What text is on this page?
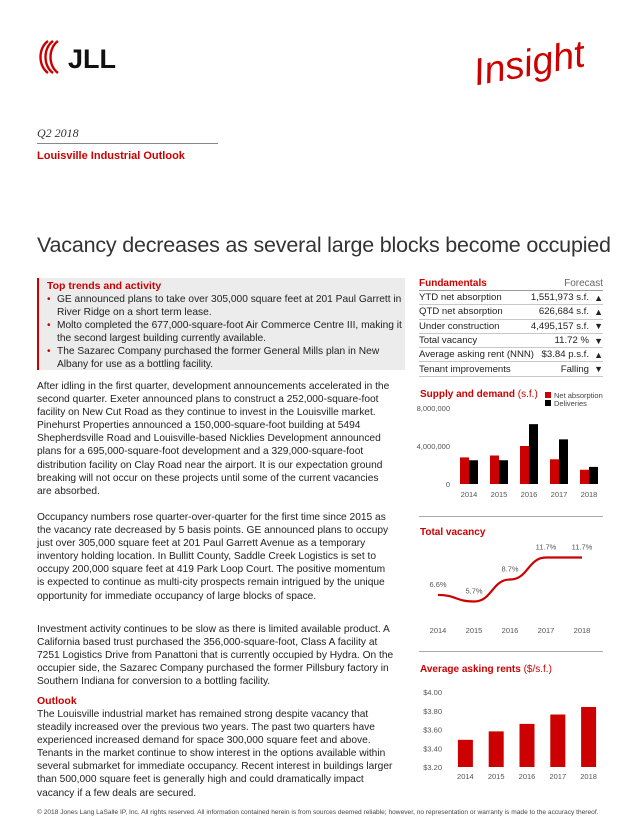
JLL	Insight
Q2 2018
Louisville Industrial Outlook
Vacancy decreases as several large blocks become occupied
Top trends and activity
• GE announced plans to take over 305,000 square feet at 201 Paul Garrett in River Ridge on a short term lease.
• Molto completed the 677,000-square-foot Air Commerce Centre III, making it the second largest building currently available.
• The Sazarec Company purchased the former General Mills plan in New Albany for use as a bottling facility.
After idling in the first quarter, development announcements accelerated in the second quarter. Exeter announced plans to construct a 252,000-square-foot facility on New Cut Road as they continue to invest in the Louisville market. Pinehurst Properties announced a 150,000-square-foot building at 5494 Shepherdsville Road and Louisville-based Nicklies Development announced plans for a 695,000-square-foot development and a 329,000-square-foot distribution facility on Clay Road near the airport. It is our expectation ground breaking will not occur on these projects until some of the current vacancies are absorbed.
Occupancy numbers rose quarter-over-quarter for the first time since 2015 as the vacancy rate decreased by 5 basis points. GE announced plans to occupy just over 305,000 square feet at 201 Paul Garrett Avenue as a temporary inventory holding location. In Bullitt County, Saddle Creek Logistics is set to occupy 200,000 square feet at 419 Park Loop Court. The positive momentum is expected to continue as multi-city prospects remain intrigued by the unique opportunity for immediate occupancy of large blocks of space.
Investment activity continues to be slow as there is limited available product. A California based trust purchased the 356,000-square-foot, Class A facility at 7251 Logistics Drive from Panattoni that is currently occupied by Hydra. On the occupier side, the Sazarec Company purchased the former Pillsbury factory in Southern Indiana for conversion to a bottling facility.
Outlook
The Louisville industrial market has remained strong despite vacancy that steadily increased over the previous two years. The past two quarters have experienced increased demand for space 300,000 square feet and above. Tenants in the market continue to show interest in the options available within several submarket for immediate occupancy. Recent interest in buildings larger than 500,000 square feet is generally high and could dramatically impact vacancy if a few deals are secured.
Fundamentals	Forecast
YTD net absorption	1,551,973 s.f. ▲
QTD net absorption	626,684 s.f. ▲
Under construction	4,495,157 s.f. ▼
Total vacancy	11.72 % ▼
Average asking rent (NNN) $3.84 p.s.f. ▲
Tenant improvements	Falling ▼
Supply and demand (s.f.) Net absorption
Deliveries
0
4,000,000
8,000,000
2014 2015 2016 2017 2018
Total vacancy
6.6%
5.7%
8.7%
11.7% 11.7%
2014	2015	2016	2017	2018
Average asking rents ($/s.f.)
$3.20
$3.40
$3.60
$3.80
$4.00
2014 2015 2016 2017 2018
© 2018 Jones Lang LaSalle IP, Inc. All rights reserved. All information contained herein is from sources deemed reliable; however, no representation or warranty is made to the accuracy thereof.
